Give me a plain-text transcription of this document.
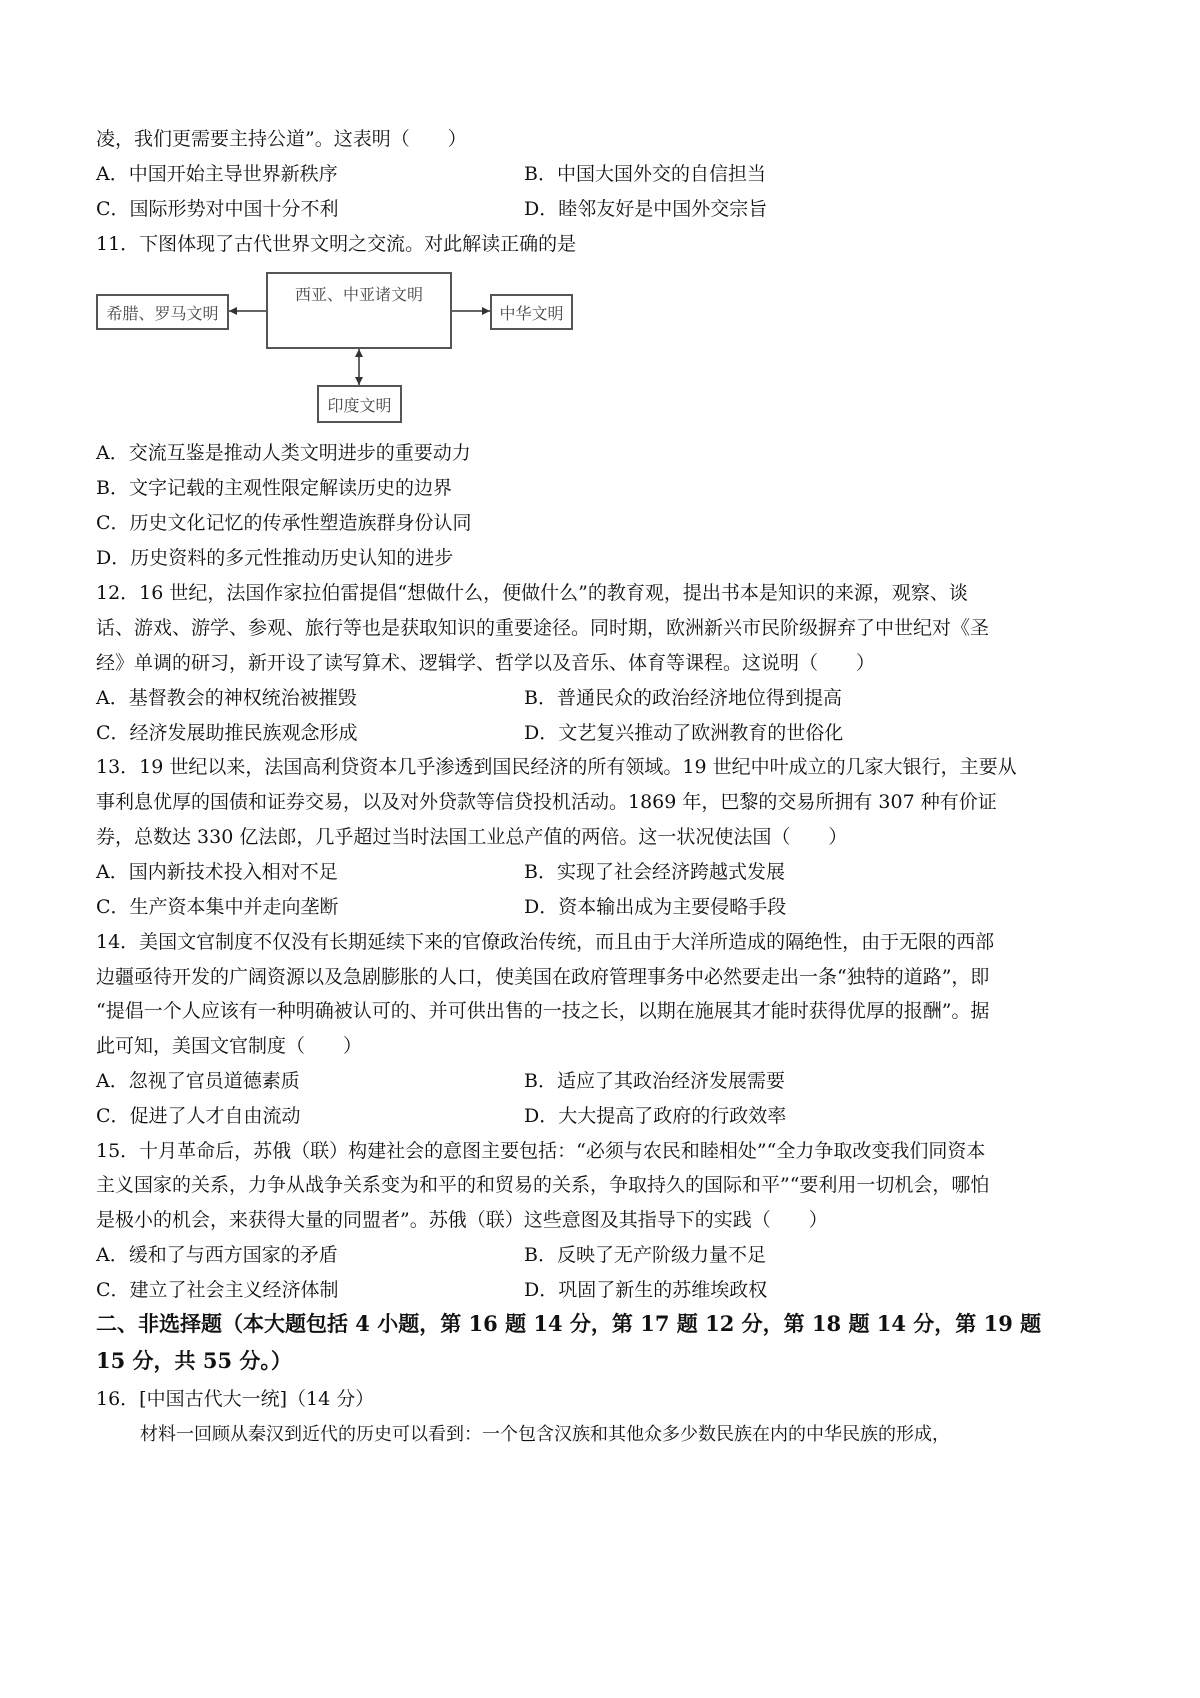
凌，我们更需要主持公道”。这表明（　　）
A．中国开始主导世界新秩序	B．中国大国外交的自信担当
C．国际形势对中国十分不利	D．睦邻友好是中国外交宗旨
11．下图体现了古代世界文明之交流。对此解读正确的是
希腊、罗马文明
西亚、中亚诸文明
中华文明
印度文明
A．交流互鉴是推动人类文明进步的重要动力
B．文字记载的主观性限定解读历史的边界
C．历史文化记忆的传承性塑造族群身份认同
D．历史资料的多元性推动历史认知的进步
12．16 世纪，法国作家拉伯雷提倡“想做什么，便做什么”的教育观，提出书本是知识的来源，观察、谈
话、游戏、游学、参观、旅行等也是获取知识的重要途径。同时期，欧洲新兴市民阶级摒弃了中世纪对《圣
经》单调的研习，新开设了读写算术、逻辑学、哲学以及音乐、体育等课程。这说明（　　）
A．基督教会的神权统治被摧毁	B．普通民众的政治经济地位得到提高
C．经济发展助推民族观念形成	D．文艺复兴推动了欧洲教育的世俗化
13．19 世纪以来，法国高利贷资本几乎渗透到国民经济的所有领域。19 世纪中叶成立的几家大银行，主要从
事利息优厚的国债和证券交易，以及对外贷款等信贷投机活动。1869 年，巴黎的交易所拥有 307 种有价证
券，总数达 330 亿法郎，几乎超过当时法国工业总产值的两倍。这一状况使法国（　　）
A．国内新技术投入相对不足	B．实现了社会经济跨越式发展
C．生产资本集中并走向垄断	D．资本输出成为主要侵略手段
14．美国文官制度不仅没有长期延续下来的官僚政治传统，而且由于大洋所造成的隔绝性，由于无限的西部
边疆亟待开发的广阔资源以及急剧膨胀的人口，使美国在政府管理事务中必然要走出一条“独特的道路”，即
“提倡一个人应该有一种明确被认可的、并可供出售的一技之长，以期在施展其才能时获得优厚的报酬”。据
此可知，美国文官制度（　　）
A．忽视了官员道德素质	B．适应了其政治经济发展需要
C．促进了人才自由流动	D．大大提高了政府的行政效率
15．十月革命后，苏俄（联）构建社会的意图主要包括：“必须与农民和睦相处”“全力争取改变我们同资本
主义国家的关系，力争从战争关系变为和平的和贸易的关系，争取持久的国际和平”“要利用一切机会，哪怕
是极小的机会，来获得大量的同盟者”。苏俄（联）这些意图及其指导下的实践（　　）
A．缓和了与西方国家的矛盾	B．反映了无产阶级力量不足
C．建立了社会主义经济体制	D．巩固了新生的苏维埃政权
二、非选择题（本大题包括 4 小题，第 16 题 14 分，第 17 题 12 分，第 18 题 14 分，第 19 题
15 分，共 55 分。）
16．[中国古代大一统]（14 分）
材料一回顾从秦汉到近代的历史可以看到：一个包含汉族和其他众多少数民族在内的中华民族的形成，
